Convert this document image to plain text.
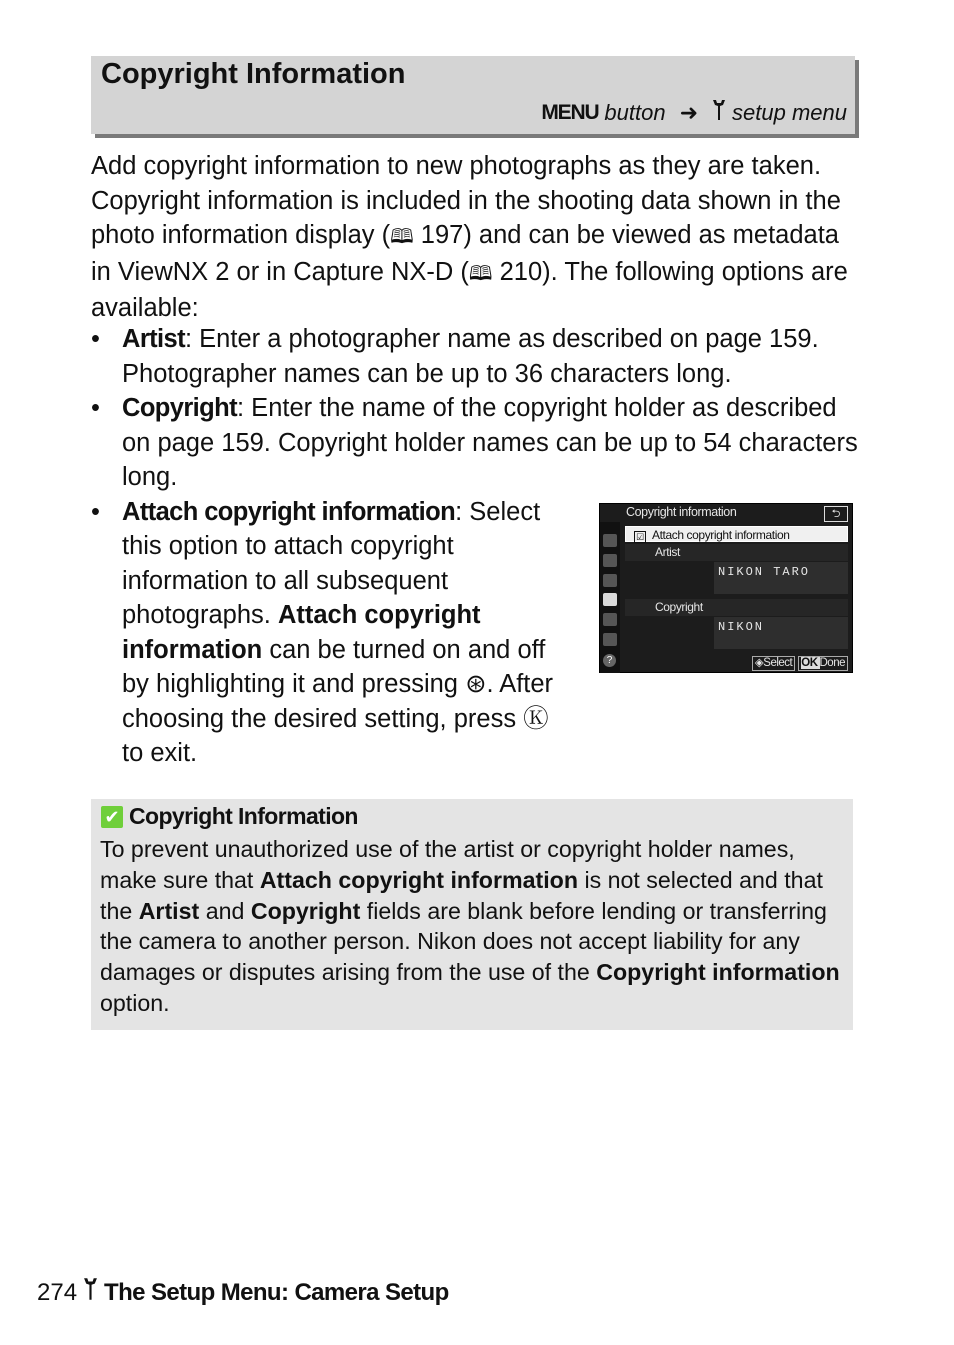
Copyright Information
MENU button ➜ setup menu

Add copyright information to new photographs as they are taken. Copyright information is included in the shooting data shown in the photo information display (🕮 197) and can be viewed as metadata in ViewNX 2 or in Capture NX-D (🕮 210). The following options are available:

• Artist: Enter a photographer name as described on page 159. Photographer names can be up to 36 characters long.
• Copyright: Enter the name of the copyright holder as described on page 159. Copyright holder names can be up to 54 characters long.
• Attach copyright information: Select this option to attach copyright information to all subsequent photographs. Attach copyright information can be turned on and off by highlighting it and pressing ⊛. After choosing the desired setting, press Ⓚ to exit.
?
Copyright information	⮌
☑ Attach copyright information
Artist
NIKON TARO
Copyright
NIKON
◈Select OK Done
✔ Copyright Information

To prevent unauthorized use of the artist or copyright holder names, make sure that Attach copyright information is not selected and that the Artist and Copyright fields are blank before lending or transferring the camera to another person. Nikon does not accept liability for any damages or disputes arising from the use of the Copyright information option.

274 The Setup Menu: Camera Setup
